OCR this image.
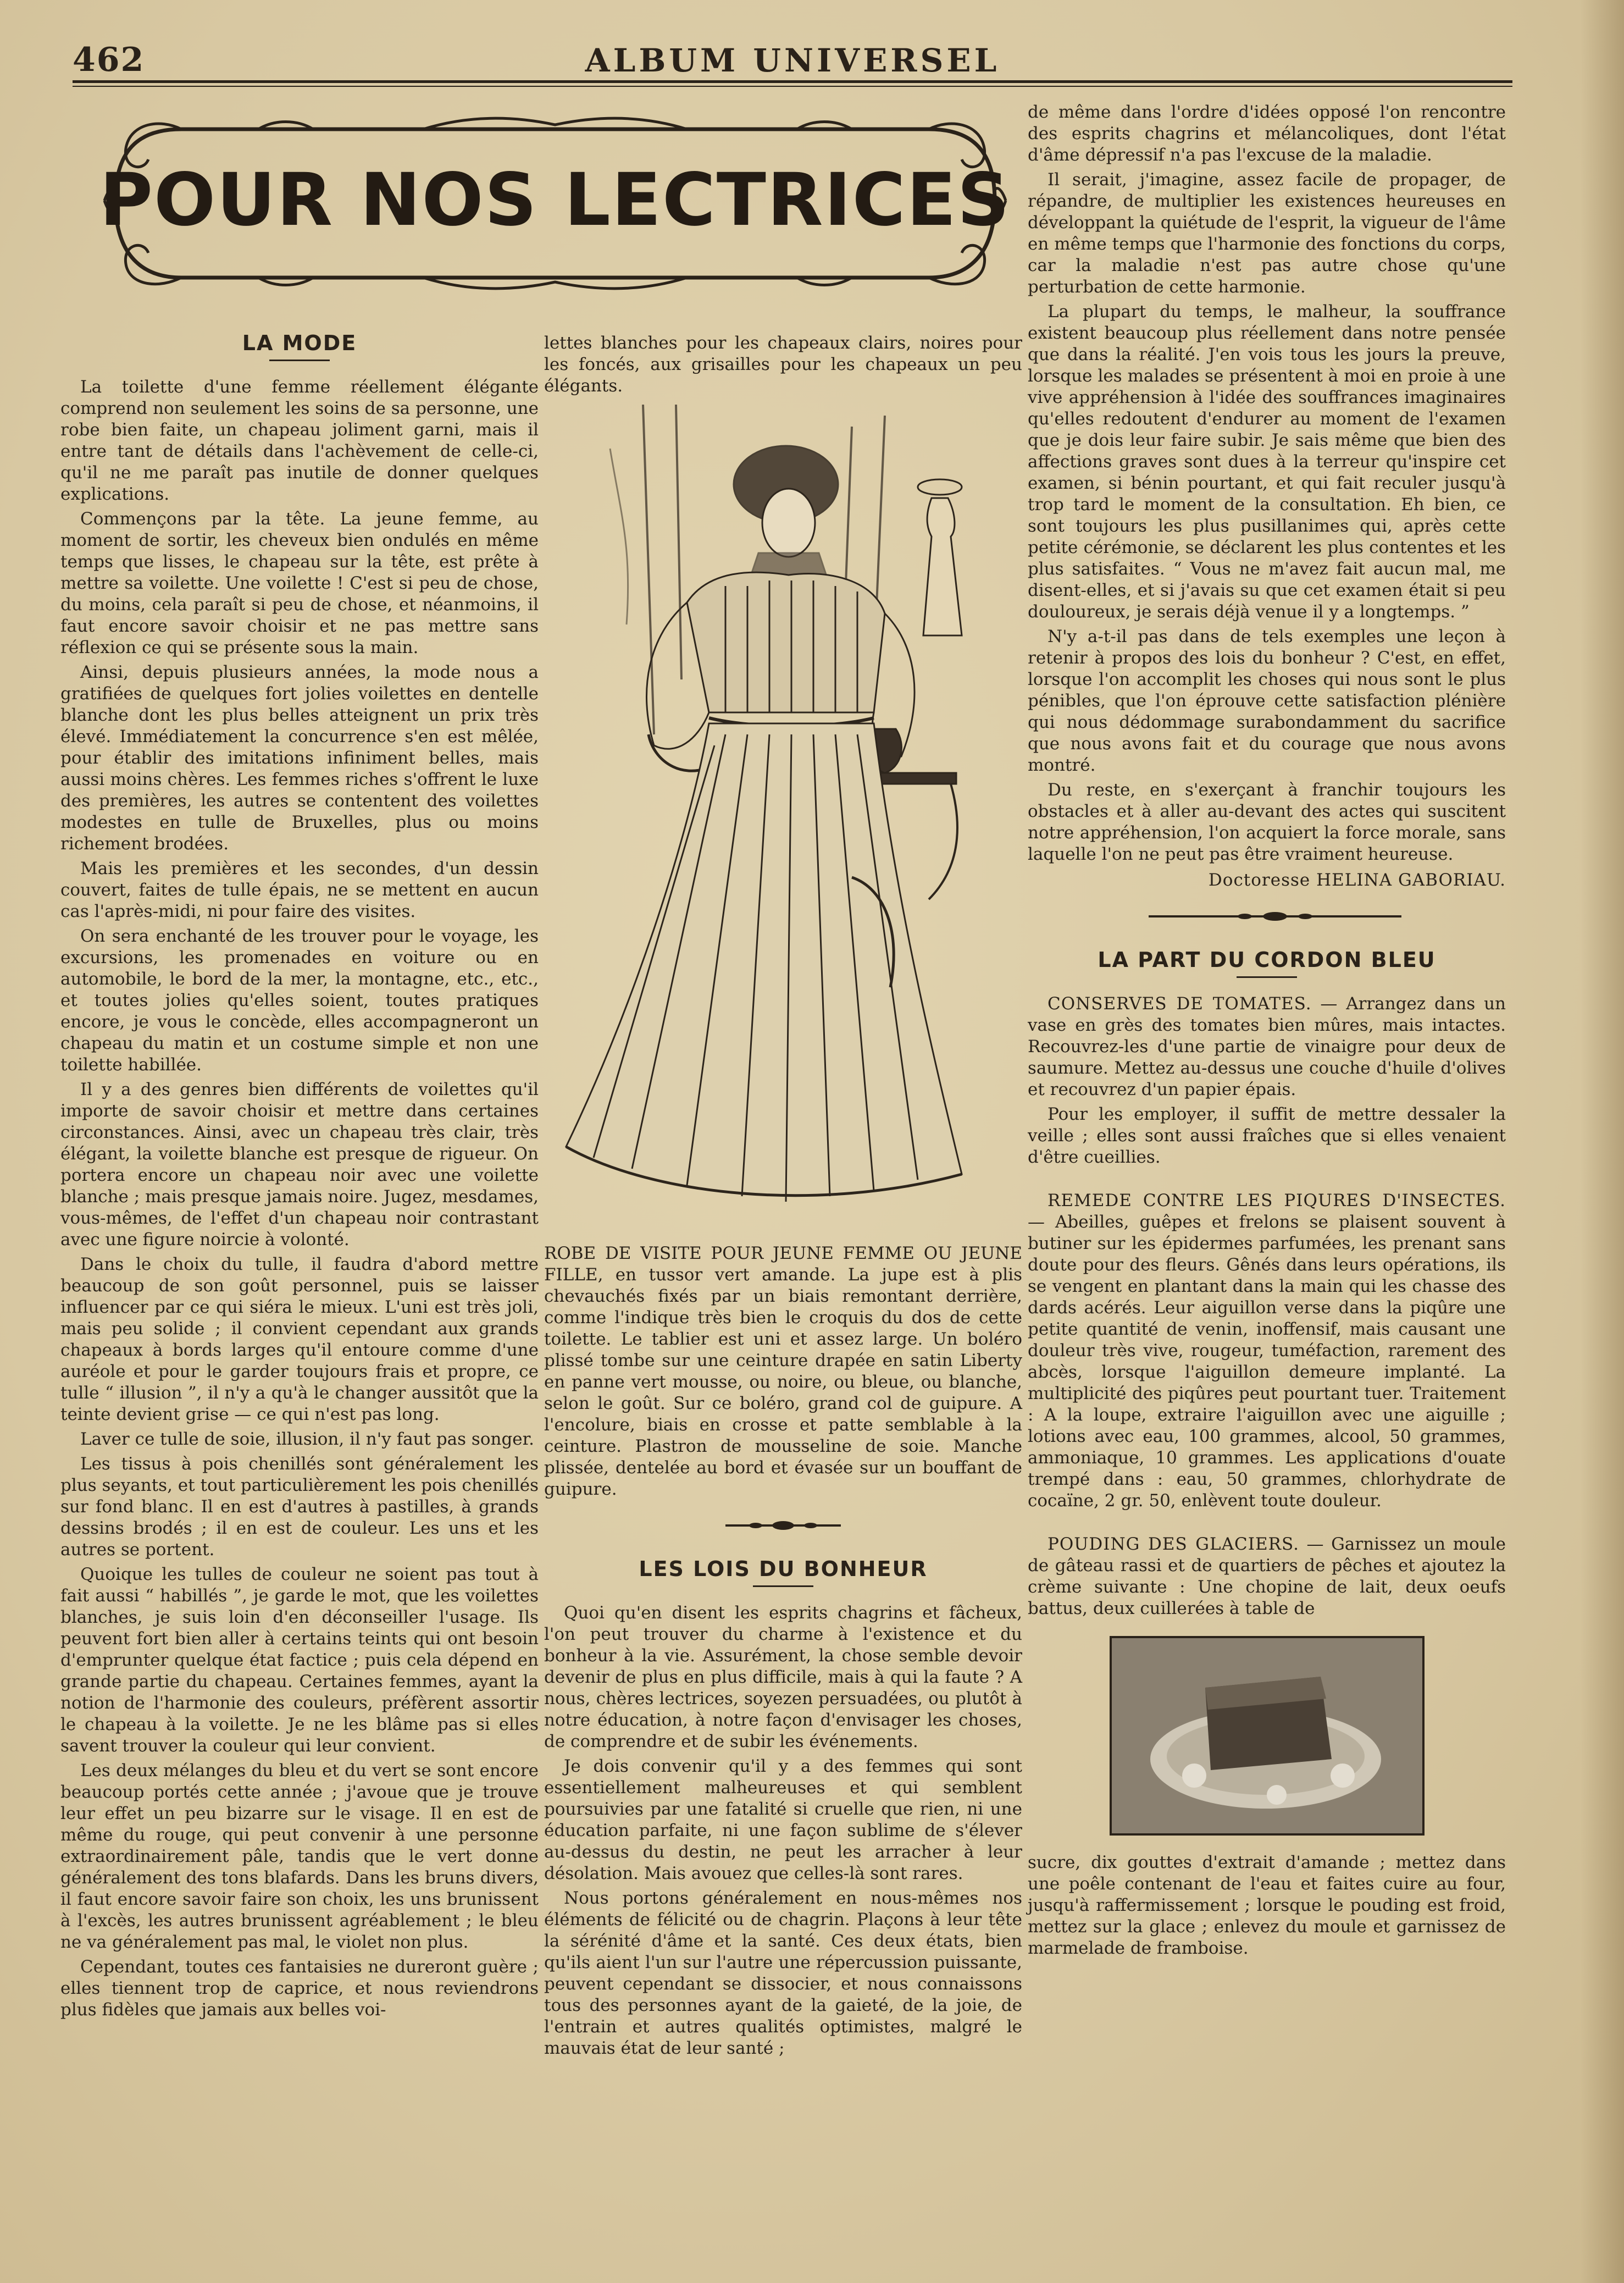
462	ALBUM UNIVERSEL
POUR NOS LECTRICES
LA MODE

La toilette d'une femme réellement élégante comprend non seulement les soins de sa personne, une robe bien faite, un chapeau joliment garni, mais il entre tant de détails dans l'achèvement de celle-ci, qu'il ne me paraît pas inutile de donner quelques explications.

Commençons par la tête. La jeune femme, au moment de sortir, les cheveux bien ondulés en même temps que lisses, le chapeau sur la tête, est prête à mettre sa voilette. Une voilette ! C'est si peu de chose, du moins, cela paraît si peu de chose, et néanmoins, il faut encore savoir choisir et ne pas mettre sans réflexion ce qui se présente sous la main.

Ainsi, depuis plusieurs années, la mode nous a gratifiées de quelques fort jolies voilettes en dentelle blanche dont les plus belles atteignent un prix très élevé. Immédiatement la concurrence s'en est mêlée, pour établir des imitations infiniment belles, mais aussi moins chères. Les femmes riches s'offrent le luxe des premières, les autres se contentent des voilettes modestes en tulle de Bruxelles, plus ou moins richement brodées.

Mais les premières et les secondes, d'un dessin couvert, faites de tulle épais, ne se mettent en aucun cas l'après-midi, ni pour faire des visites.

On sera enchanté de les trouver pour le voyage, les excursions, les promenades en voiture ou en automobile, le bord de la mer, la montagne, etc., etc., et toutes jolies qu'elles soient, toutes pratiques encore, je vous le concède, elles accompagneront un chapeau du matin et un costume simple et non une toilette habillée.

Il y a des genres bien différents de voilettes qu'il importe de savoir choisir et mettre dans certaines circonstances. Ainsi, avec un chapeau très clair, très élégant, la voilette blanche est presque de rigueur. On portera encore un chapeau noir avec une voilette blanche ; mais presque jamais noire. Jugez, mesdames, vous-mêmes, de l'effet d'un chapeau noir contrastant avec une figure noircie à volonté.

Dans le choix du tulle, il faudra d'abord mettre beaucoup de son goût personnel, puis se laisser influencer par ce qui siéra le mieux. L'uni est très joli, mais peu solide ; il convient cependant aux grands chapeaux à bords larges qu'il entoure comme d'une auréole et pour le garder toujours frais et propre, ce tulle “ illusion ”, il n'y a qu'à le changer aussitôt que la teinte devient grise — ce qui n'est pas long.

Laver ce tulle de soie, illusion, il n'y faut pas songer.

Les tissus à pois chenillés sont généralement les plus seyants, et tout particulièrement les pois chenillés sur fond blanc. Il en est d'autres à pastilles, à grands dessins brodés ; il en est de couleur. Les uns et les autres se portent.

Quoique les tulles de couleur ne soient pas tout à fait aussi “ habillés ”, je garde le mot, que les voilettes blanches, je suis loin d'en déconseiller l'usage. Ils peuvent fort bien aller à certains teints qui ont besoin d'emprunter quelque état factice ; puis cela dépend en grande partie du chapeau. Certaines femmes, ayant la notion de l'harmonie des couleurs, préfèrent assortir le chapeau à la voilette. Je ne les blâme pas si elles savent trouver la couleur qui leur convient.

Les deux mélanges du bleu et du vert se sont encore beaucoup portés cette année ; j'avoue que je trouve leur effet un peu bizarre sur le visage. Il en est de même du rouge, qui peut convenir à une personne extraordinairement pâle, tandis que le vert donne généralement des tons blafards. Dans les bruns divers, il faut encore savoir faire son choix, les uns brunissent à l'excès, les autres brunissent agréablement ; le bleu ne va généralement pas mal, le violet non plus.

Cependant, toutes ces fantaisies ne dureront guère ; elles tiennent trop de caprice, et nous reviendrons plus fidèles que jamais aux belles voi-

lettes blanches pour les chapeaux clairs, noires pour les foncés, aux grisailles pour les chapeaux un peu élégants.

ROBE DE VISITE POUR JEUNE FEMME OU JEUNE FILLE, en tussor vert amande. La jupe est à plis chevauchés fixés par un biais remontant derrière, comme l'indique très bien le croquis du dos de cette toilette. Le tablier est uni et assez large. Un boléro plissé tombe sur une ceinture drapée en satin Liberty en panne vert mousse, ou noire, ou bleue, ou blanche, selon le goût. Sur ce boléro, grand col de guipure. A l'encolure, biais en crosse et patte semblable à la ceinture. Plastron de mousseline de soie. Manche plissée, dentelée au bord et évasée sur un bouffant de guipure.
LES LOIS DU BONHEUR

Quoi qu'en disent les esprits chagrins et fâcheux, l'on peut trouver du charme à l'existence et du bonheur à la vie. Assurément, la chose semble devoir devenir de plus en plus difficile, mais à qui la faute ? A nous, chères lectrices, soyezen persuadées, ou plutôt à notre éducation, à notre façon d'envisager les choses, de comprendre et de subir les événements.

Je dois convenir qu'il y a des femmes qui sont essentiellement malheureuses et qui semblent poursuivies par une fatalité si cruelle que rien, ni une éducation parfaite, ni une façon sublime de s'élever au-dessus du destin, ne peut les arracher à leur désolation. Mais avouez que celles-là sont rares.

Nous portons généralement en nous-mêmes nos éléments de félicité ou de chagrin. Plaçons à leur tête la sérénité d'âme et la santé. Ces deux états, bien qu'ils aient l'un sur l'autre une répercussion puissante, peuvent cependant se dissocier, et nous connaissons tous des personnes ayant de la gaieté, de la joie, de l'entrain et autres qualités optimistes, malgré le mauvais état de leur santé ;

de même dans l'ordre d'idées opposé l'on rencontre des esprits chagrins et mélancoliques, dont l'état d'âme dépressif n'a pas l'excuse de la maladie.

Il serait, j'imagine, assez facile de propager, de répandre, de multiplier les existences heureuses en développant la quiétude de l'esprit, la vigueur de l'âme en même temps que l'harmonie des fonctions du corps, car la maladie n'est pas autre chose qu'une perturbation de cette harmonie.

La plupart du temps, le malheur, la souffrance existent beaucoup plus réellement dans notre pensée que dans la réalité. J'en vois tous les jours la preuve, lorsque les malades se présentent à moi en proie à une vive appréhension à l'idée des souffrances imaginaires qu'elles redoutent d'endurer au moment de l'examen que je dois leur faire subir. Je sais même que bien des affections graves sont dues à la terreur qu'inspire cet examen, si bénin pourtant, et qui fait reculer jusqu'à trop tard le moment de la consultation. Eh bien, ce sont toujours les plus pusillanimes qui, après cette petite cérémonie, se déclarent les plus contentes et les plus satisfaites. “ Vous ne m'avez fait aucun mal, me disent-elles, et si j'avais su que cet examen était si peu douloureux, je serais déjà venue il y a longtemps. ”

N'y a-t-il pas dans de tels exemples une leçon à retenir à propos des lois du bonheur ? C'est, en effet, lorsque l'on accomplit les choses qui nous sont le plus pénibles, que l'on éprouve cette satisfaction plénière qui nous dédommage surabondamment du sacrifice que nous avons fait et du courage que nous avons montré.

Du reste, en s'exerçant à franchir toujours les obstacles et à aller au-devant des actes qui suscitent notre appréhension, l'on acquiert la force morale, sans laquelle l'on ne peut pas être vraiment heureuse.

Doctoresse HELINA GABORIAU.
LA PART DU CORDON BLEU

CONSERVES DE TOMATES. — Arrangez dans un vase en grès des tomates bien mûres, mais intactes. Recouvrez-les d'une partie de vinaigre pour deux de saumure. Mettez au-dessus une couche d'huile d'olives et recouvrez d'un papier épais.

Pour les employer, il suffit de mettre dessaler la veille ; elles sont aussi fraîches que si elles venaient d'être cueillies.

REMEDE CONTRE LES PIQURES D'INSECTES. — Abeilles, guêpes et frelons se plaisent souvent à butiner sur les épidermes parfumées, les prenant sans doute pour des fleurs. Gênés dans leurs opérations, ils se vengent en plantant dans la main qui les chasse des dards acérés. Leur aiguillon verse dans la piqûre une petite quantité de venin, inoffensif, mais causant une douleur très vive, rougeur, tuméfaction, rarement des abcès, lorsque l'aiguillon demeure implanté. La multiplicité des piqûres peut pourtant tuer. Traitement : A la loupe, extraire l'aiguillon avec une aiguille ; lotions avec eau, 100 grammes, alcool, 50 grammes, ammoniaque, 10 grammes. Les applications d'ouate trempé dans : eau, 50 grammes, chlorhydrate de cocaïne, 2 gr. 50, enlèvent toute douleur.

POUDING DES GLACIERS. — Garnissez un moule de gâteau rassi et de quartiers de pêches et ajoutez la crème suivante : Une chopine de lait, deux oeufs battus, deux cuillerées à table de

sucre, dix gouttes d'extrait d'amande ; mettez dans une poêle contenant de l'eau et faites cuire au four, jusqu'à raffermissement ; lorsque le pouding est froid, mettez sur la glace ; enlevez du moule et garnissez de marmelade de framboise.
